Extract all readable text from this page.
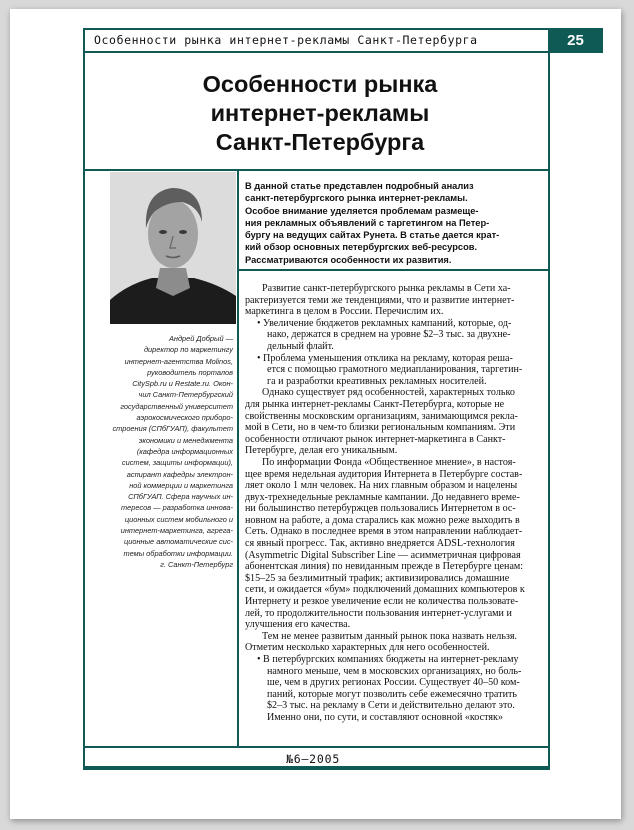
Особенности рынка интернет-рекламы Санкт-Петербурга	25
Особенности рынка
интернет-рекламы
Санкт-Петербурга
Андрей Добрый —
директор по маркетингу
интернет-агентства Molinos,
руководитель порталов
CitySpb.ru и Restate.ru. Окон-
чил Санкт-Петербургский
государственный университет
аэрокосмического приборо-
строения (СПбГУАП), факультет
экономики и менеджмента
(кафедра информационных
систем, защиты информации),
аспирант кафедры электрон-
ной коммерции и маркетинга
СПбГУАП. Сфера научных ин-
тересов — разработка иннова-
ционных систем мобильного и
интернет-маркетинга, агрега-
ционные автоматические сис-
темы обработки информации.
г. Санкт-Петербург
В данной статье представлен подробный анализ
санкт-петербургского рынка интернет-рекламы.
Особое внимание уделяется проблемам размеще-
ния рекламных объявлений с таргетингом на Петер-
бургу на ведущих сайтах Рунета. В статье дается крат-
кий обзор основных петербургских веб-ресурсов.
Рассматриваются особенности их развития.
Развитие санкт-петербургского рынка рекламы в Сети ха-
рактеризуется теми же тенденциями, что и развитие интернет-
маркетинга в целом в России. Перечислим их.
• Увеличение бюджетов рекламных кампаний, которые, од-
нако, держатся в среднем на уровне $2–3 тыс. за двухне-
дельный флайт.
• Проблема уменьшения отклика на рекламу, которая реша-
ется с помощью грамотного медиапланирования, таргетин-
га и разработки креативных рекламных носителей.
Однако существует ряд особенностей, характерных только
для рынка интернет-рекламы Санкт-Петербурга, которые не
свойственны московским организациям, занимающимся рекла-
мой в Сети, но в чем-то близки региональным компаниям. Эти
особенности отличают рынок интернет-маркетинга в Санкт-
Петербурге, делая его уникальным.
По информации Фонда «Общественное мнение», в настоя-
щее время недельная аудитория Интернета в Петербурге состав-
ляет около 1 млн человек. На них главным образом и нацелены
двух-трехнедельные рекламные кампании. До недавнего време-
ни большинство петербуржцев пользовались Интернетом в ос-
новном на работе, а дома старались как можно реже выходить в
Сеть. Однако в последнее время в этом направлении наблюдает-
ся явный прогресс. Так, активно внедряется ADSL-технология
(Asymmetric Digital Subscriber Line — асимметричная цифровая
абонентская линия) по невиданным прежде в Петербурге ценам:
$15–25 за безлимитный трафик; активизировались домашние
сети, и ожидается «бум» подключений домашних компьютеров к
Интернету и резкое увеличение если не количества пользовате-
лей, то продолжительности пользования интернет-услугами и
улучшения его качества.
Тем не менее развитым данный рынок пока назвать нельзя.
Отметим несколько характерных для него особенностей.
• В петербургских компаниях бюджеты на интернет-рекламу
намного меньше, чем в московских организациях, но боль-
ше, чем в других регионах России. Существует 40–50 ком-
паний, которые могут позволить себе ежемесячно тратить
$2–3 тыс. на рекламу в Сети и действительно делают это.
Именно они, по сути, и составляют основной «костяк»
№6–2005
